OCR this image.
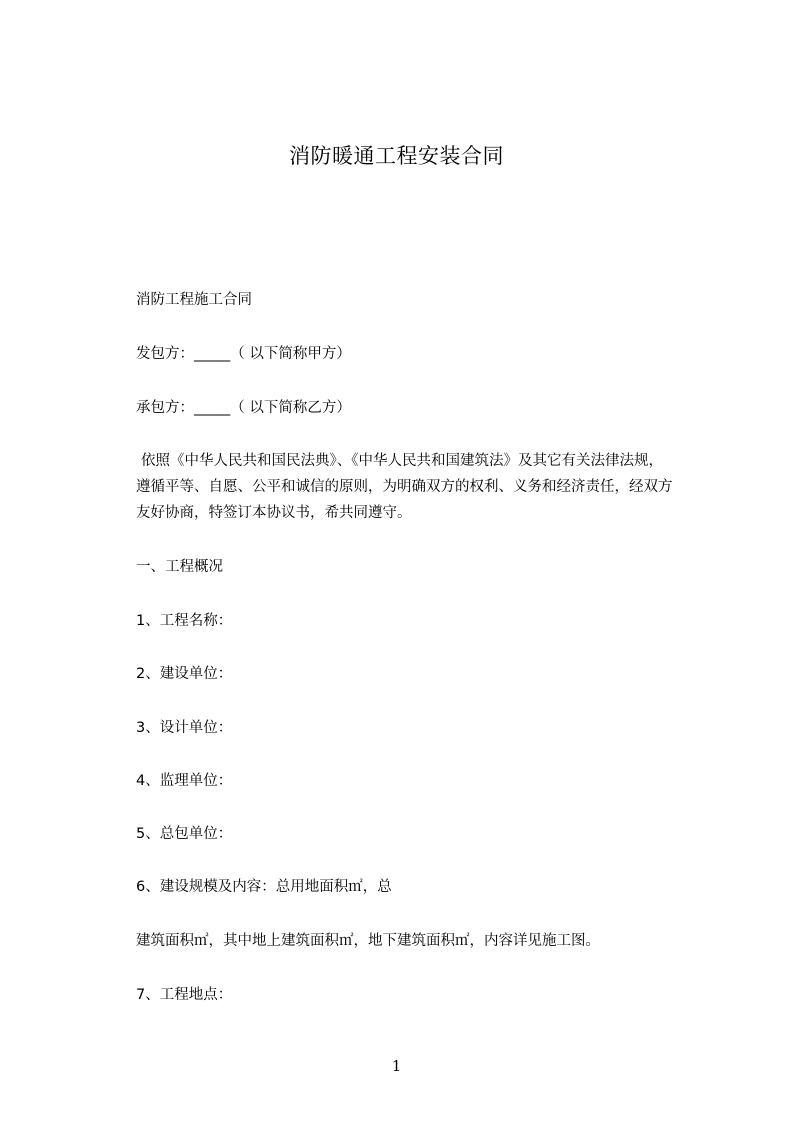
消防暖通工程安装合同
消防工程施工合同
发包方：_____（ 以下简称甲方）
承包方：_____（ 以下简称乙方）
依照《中华人民共和国民法典》、《中华人民共和国建筑法》及其它有关法律法规，
遵循平等、自愿、公平和诚信的原则，为明确双方的权利、义务和经济责任，经双方
友好协商，特签订本协议书，希共同遵守。
一、工程概况
1、工程名称：
2、建设单位：
3、设计单位：
4、监理单位：
5、总包单位：
6、建设规模及内容：总用地面积㎡，总
建筑面积㎡，其中地上建筑面积㎡，地下建筑面积㎡，内容详见施工图。
7、工程地点：
1
